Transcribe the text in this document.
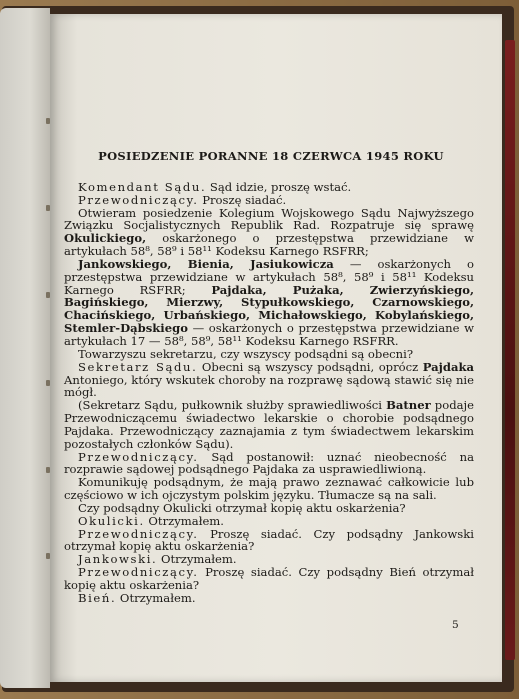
POSIEDZENIE PORANNE 18 CZERWCA 1945 ROKU

Komendant Sądu. Sąd idzie, proszę wstać.

Przewodniczący. Proszę siadać.

Otwieram posiedzenie Kolegium Wojskowego Sądu Najwyższego Związku Socjalistycznych Republik Rad. Rozpatruje się sprawę Okulickiego, oskarżonego o przestępstwa przewidziane w artykułach 58⁸, 58⁹ i 58¹¹ Kodeksu Karnego RSFRR;

Jankowskiego, Bienia, Jasiukowicza — oskarżonych o przestępstwa przewidziane w artykułach 58⁸, 58⁹ i 58¹¹ Kodeksu Karnego RSFRR; Pajdaka, Pużaka, Zwierzyńskiego, Bagińskiego, Mierzwy, Stypułkowskiego, Czarnowskiego, Chacińskiego, Urbańskiego, Michałowskiego, Kobylańskiego, Stemler-Dąbskiego — oskarżonych o przestępstwa przewidziane w artykułach 17 — 58⁸, 58⁹, 58¹¹ Kodeksu Karnego RSFRR.

Towarzyszu sekretarzu, czy wszyscy podsądni są obecni?

Sekretarz Sądu. Obecni są wszyscy podsądni, oprócz Pajdaka Antoniego, który wskutek choroby na rozprawę sądową stawić się nie mógł.

(Sekretarz Sądu, pułkownik służby sprawiedliwości Batner podaje Przewodniczącemu świadectwo lekarskie o chorobie podsądnego Pajdaka. Przewodniczący zaznajamia z tym świadectwem lekarskim pozostałych członków Sądu).

Przewodniczący. Sąd postanowił: uznać nieobecność na rozprawie sądowej podsądnego Pajdaka za usprawiedliwioną.

Komunikuję podsądnym, że mają prawo zeznawać całkowicie lub częściowo w ich ojczystym polskim języku. Tłumacze są na sali.

Czy podsądny Okulicki otrzymał kopię aktu oskarżenia?

Okulicki. Otrzymałem.

Przewodniczący. Proszę siadać. Czy podsądny Jankowski otrzymał kopię aktu oskarżenia?

Jankowski. Otrzymałem.

Przewodniczący. Proszę siadać. Czy podsądny Bień otrzymał kopię aktu oskarżenia?

Bień. Otrzymałem.

5
